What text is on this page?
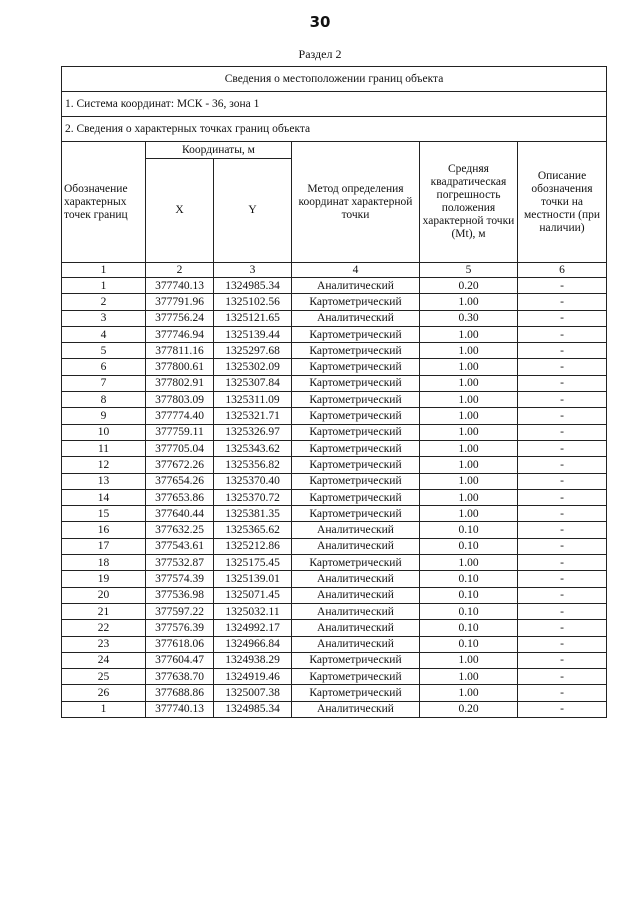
30
Раздел 2
Сведения о местоположении границ объекта					
1. Система координат: МСК - 36, зона 1					
2. Сведения о характерных точках границ объекта					
Обозначение характерных точек границ	Координаты, м		Метод определения координат характерной точки	Средняя квадратическая погрешность положения характерной точки (Mt), м	Описание обозначения точки на местности (при наличии)
	X	Y			
1	2	3	4	5	6
1	377740.13	1324985.34	Аналитический	0.20	-
2	377791.96	1325102.56	Картометрический	1.00	-
3	377756.24	1325121.65	Аналитический	0.30	-
4	377746.94	1325139.44	Картометрический	1.00	-
5	377811.16	1325297.68	Картометрический	1.00	-
6	377800.61	1325302.09	Картометрический	1.00	-
7	377802.91	1325307.84	Картометрический	1.00	-
8	377803.09	1325311.09	Картометрический	1.00	-
9	377774.40	1325321.71	Картометрический	1.00	-
10	377759.11	1325326.97	Картометрический	1.00	-
11	377705.04	1325343.62	Картометрический	1.00	-
12	377672.26	1325356.82	Картометрический	1.00	-
13	377654.26	1325370.40	Картометрический	1.00	-
14	377653.86	1325370.72	Картометрический	1.00	-
15	377640.44	1325381.35	Картометрический	1.00	-
16	377632.25	1325365.62	Аналитический	0.10	-
17	377543.61	1325212.86	Аналитический	0.10	-
18	377532.87	1325175.45	Картометрический	1.00	-
19	377574.39	1325139.01	Аналитический	0.10	-
20	377536.98	1325071.45	Аналитический	0.10	-
21	377597.22	1325032.11	Аналитический	0.10	-
22	377576.39	1324992.17	Аналитический	0.10	-
23	377618.06	1324966.84	Аналитический	0.10	-
24	377604.47	1324938.29	Картометрический	1.00	-
25	377638.70	1324919.46	Картометрический	1.00	-
26	377688.86	1325007.38	Картометрический	1.00	-
1	377740.13	1324985.34	Аналитический	0.20	-
